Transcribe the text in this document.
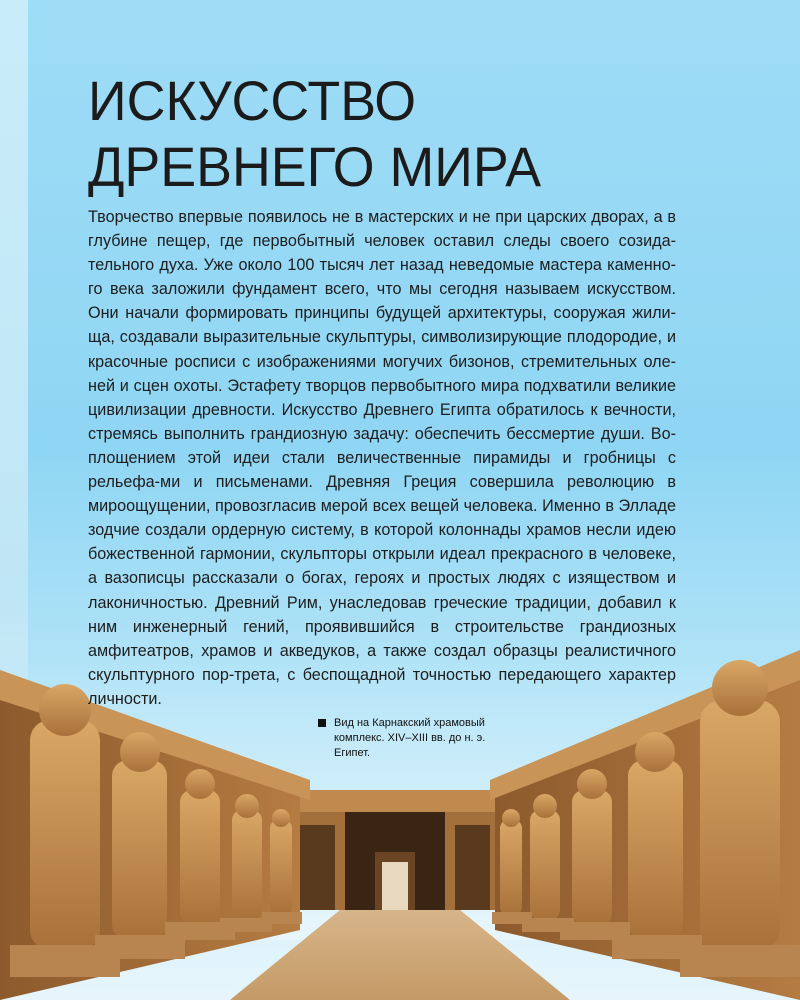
ИСКУССТВО
ДРЕВНЕГО МИРА

Творчество впервые появилось не в мастерских и не при царских дворах, а в глубине пещер, где первобытный человек оставил следы своего созида-тельного духа. Уже около 100 тысяч лет назад неведомые мастера каменно-го века заложили фундамент всего, что мы сегодня называем искусством. Они начали формировать принципы будущей архитектуры, сооружая жили-ща, создавали выразительные скульптуры, символизирующие плодородие, и красочные росписи с изображениями могучих бизонов, стремительных оле-ней и сцен охоты. Эстафету творцов первобытного мира подхватили великие цивилизации древности. Искусство Древнего Египта обратилось к вечности, стремясь выполнить грандиозную задачу: обеспечить бессмертие души. Во-площением этой идеи стали величественные пирамиды и гробницы с рельефа-ми и письменами. Древняя Греция совершила революцию в мироощущении, провозгласив мерой всех вещей человека. Именно в Элладе зодчие создали ордерную систему, в которой колоннады храмов несли идею божественной гармонии, скульпторы открыли идеал прекрасного в человеке, а вазописцы рассказали о богах, героях и простых людях с изяществом и лаконичностью. Древний Рим, унаследовав греческие традиции, добавил к ним инженерный гений, проявившийся в строительстве грандиозных амфитеатров, храмов и акведуков, а также создал образцы реалистичного скульптурного пор-трета, с беспощадной точностью передающего характер личности.

Вид на Карнакский храмовый комплекс. XIV–XIII вв. до н. э. Египет.
